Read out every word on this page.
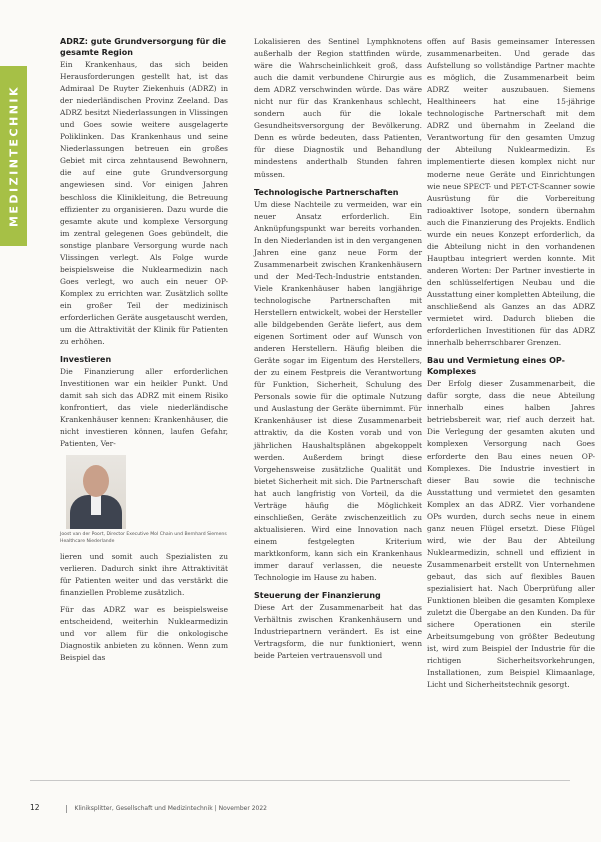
MEDIZINTECHNIK
ADRZ: gute Grundversorgung für die gesamte Region

Ein Krankenhaus, das sich beiden Herausforderungen gestellt hat, ist das Admiraal De Ruyter Ziekenhuis (ADRZ) in der niederländischen Provinz Zeeland. Das ADRZ besitzt Niederlassungen in Vlissingen und Goes sowie weitere ausgelagerte Poliklinken. Das Krankenhaus und seine Niederlassungen betreuen ein großes Gebiet mit circa zehntausend Bewohnern, die auf eine gute Grundversorgung angewiesen sind. Vor einigen Jahren beschloss die Klinikleitung, die Betreuung effizienter zu organisieren. Dazu wurde die gesamte akute und komplexe Versorgung im zentral gelegenen Goes gebündelt, die sonstige planbare Versorgung wurde nach Vlissingen verlegt. Als Folge wurde beispielsweise die Nuklearmedizin nach Goes verlegt, wo auch ein neuer OP-Komplex zu errichten war. Zusätzlich sollte ein großer Teil der medizinisch erforderlichen Geräte ausgetauscht werden, um die Attraktivität der Klinik für Patienten zu erhöhen.

Investieren

Die Finanzierung aller erforderlichen Investitionen war ein heikler Punkt. Und damit sah sich das ADRZ mit einem Risiko konfrontiert, das viele niederländische Krankenhäuser kennen: Krankenhäuser, die nicht investieren können, laufen Gefahr, Patienten, Ver-

Joost van der Poort, Director Executive Mol Chain und Bernhard Siemens Healthcare Niederlande

lieren und somit auch Spezialisten zu verlieren. Dadurch sinkt ihre Attraktivität für Patienten weiter und das verstärkt die finanziellen Probleme zusätzlich.

Für das ADRZ war es beispielsweise entscheidend, weiterhin Nuklearmedizin und vor allem für die onkologische Diagnostik anbieten zu können. Wenn zum Beispiel das

Lokalisieren des Sentinel Lymphknotens außerhalb der Region stattfinden würde, wäre die Wahrscheinlichkeit groß, dass auch die damit verbundene Chirurgie aus dem ADRZ verschwinden würde. Das wäre nicht nur für das Krankenhaus schlecht, sondern auch für die lokale Gesundheitsversorgung der Bevölkerung. Denn es würde bedeuten, dass Patienten, für diese Diagnostik und Behandlung mindestens anderthalb Stunden fahren müssen.

Technologische Partnerschaften

Um diese Nachteile zu vermeiden, war ein neuer Ansatz erforderlich. Ein Anknüpfungspunkt war bereits vorhanden. In den Niederlanden ist in den vergangenen Jahren eine ganz neue Form der Zusammenarbeit zwischen Krankenhäusern und der Med-Tech-Industrie entstanden. Viele Krankenhäuser haben langjährige technologische Partnerschaften mit Herstellern entwickelt, wobei der Hersteller alle bildgebenden Geräte liefert, aus dem eigenen Sortiment oder auf Wunsch von anderen Herstellern. Häufig bleiben die Geräte sogar im Eigentum des Herstellers, der zu einem Festpreis die Verantwortung für Funktion, Sicherheit, Schulung des Personals sowie für die optimale Nutzung und Auslastung der Geräte übernimmt. Für Krankenhäuser ist diese Zusammenarbeit attraktiv, da die Kosten vorab und von jährlichen Haushaltsplänen abgekoppelt werden. Außerdem bringt diese Vorgehensweise zusätzliche Qualität und bietet Sicherheit mit sich. Die Partnerschaft hat auch langfristig von Vorteil, da die Verträge häufig die Möglichkeit einschließen, Geräte zwischenzeitlich zu aktualisieren. Wird eine Innovation nach einem festgelegten Kriterium marktkonform, kann sich ein Krankenhaus immer darauf verlassen, die neueste Technologie im Hause zu haben.

Steuerung der Finanzierung

Diese Art der Zusammenarbeit hat das Verhältnis zwischen Krankenhäusern und Industriepartnern verändert. Es ist eine Vertragsform, die nur funktioniert, wenn beide Parteien vertrauensvoll und

offen auf Basis gemeinsamer Interessen zusammenarbeiten. Und gerade das Aufstellung so vollständige Partner machte es möglich, die Zusammenarbeit beim ADRZ weiter auszubauen. Siemens Healthineers hat eine 15-jährige technologische Partnerschaft mit dem ADRZ und übernahm in Zeeland die Verantwortung für den gesamten Umzug der Abteilung Nuklearmedizin. Es implementierte diesen komplex nicht nur moderne neue Geräte und Einrichtungen wie neue SPECT- und PET-CT-Scanner sowie Ausrüstung für die Vorbereitung radioaktiver Isotope, sondern übernahm auch die Finanzierung des Projekts. Endlich wurde ein neues Konzept erforderlich, da die Abteilung nicht in den vorhandenen Hauptbau integriert werden konnte. Mit anderen Worten: Der Partner investierte in den schlüsselfertigen Neubau und die Ausstattung einer kompletten Abteilung, die anschließend als Ganzes an das ADRZ vermietet wird. Dadurch blieben die erforderlichen Investitionen für das ADRZ innerhalb beherrschbarer Grenzen.

Bau und Vermietung eines OP-Komplexes

Der Erfolg dieser Zusammenarbeit, die dafür sorgte, dass die neue Abteilung innerhalb eines halben Jahres betriebsbereit war, rief auch derzeit hat. Die Verlegung der gesamten akuten und komplexen Versorgung nach Goes erforderte den Bau eines neuen OP-Komplexes. Die Industrie investiert in dieser Bau sowie die technische Ausstattung und vermietet den gesamten Komplex an das ADRZ. Vier vorhandene OPs wurden, durch sechs neue in einem ganz neuen Flügel ersetzt. Diese Flügel wird, wie der Bau der Abteilung Nuklearmedizin, schnell und effizient in Zusammenarbeit erstellt von Unternehmen gebaut, das sich auf flexibles Bauen spezialisiert hat. Nach Überprüfung aller Funktionen bleiben die gesamten Komplexe zuletzt die Übergabe an den Kunden. Da für sichere Operationen ein sterile Arbeitsumgebung von größter Bedeutung ist, wird zum Beispiel der Industrie für die richtigen Sicherheitsvorkehrungen, Installationen, zum Beispiel Klimaanlage, Licht und Sicherheitstechnik gesorgt.

12	Kliniksplitter, Gesellschaft und Medizintechnik | November 2022
